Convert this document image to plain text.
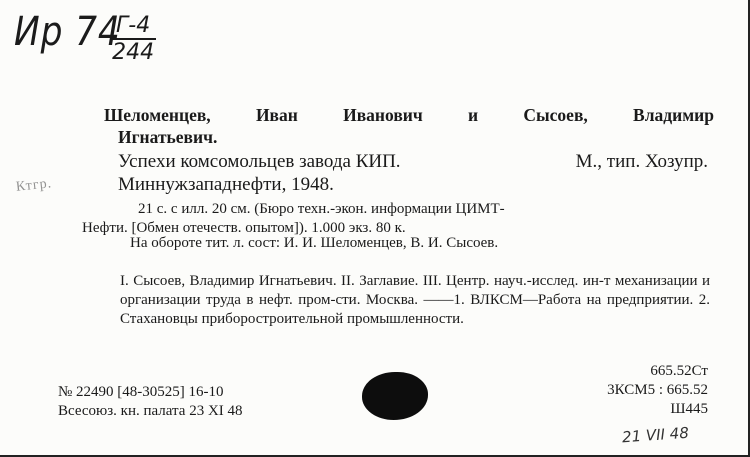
Ир 74
Г-4
244
Шеломенцев,	Иван	Иванович	и	Сысоев,	Владимир
Игнатьевич.
Успехи комсомольцев завода КИП.	М., тип. Хозупр.
Миннужзападнефти, 1948.
Ктгр.
21 с. с илл. 20 см. (Бюро техн.-экон. информации ЦИМТ-
Нефти. [Обмен отечеств. опытом]). 1.000 экз. 80 к.
На обороте тит. л. сост: И. И. Шеломенцев, В. И. Сысоев.
I. Сысоев, Владимир Игнатьевич. II. Заглавие. III. Центр. науч.-исслед. ин-т механизации и организации труда в нефт. пром-сти. Москва. ——1. ВЛКСМ—Работа на предприятии. 2. Стахановцы приборостроительной промышленности.
№ 22490 [48-30525] 16-10
Всесоюз. кн. палата 23 XI 48
665.52Ст
3КСМ5 : 665.52
Ш445
21 VII 48
